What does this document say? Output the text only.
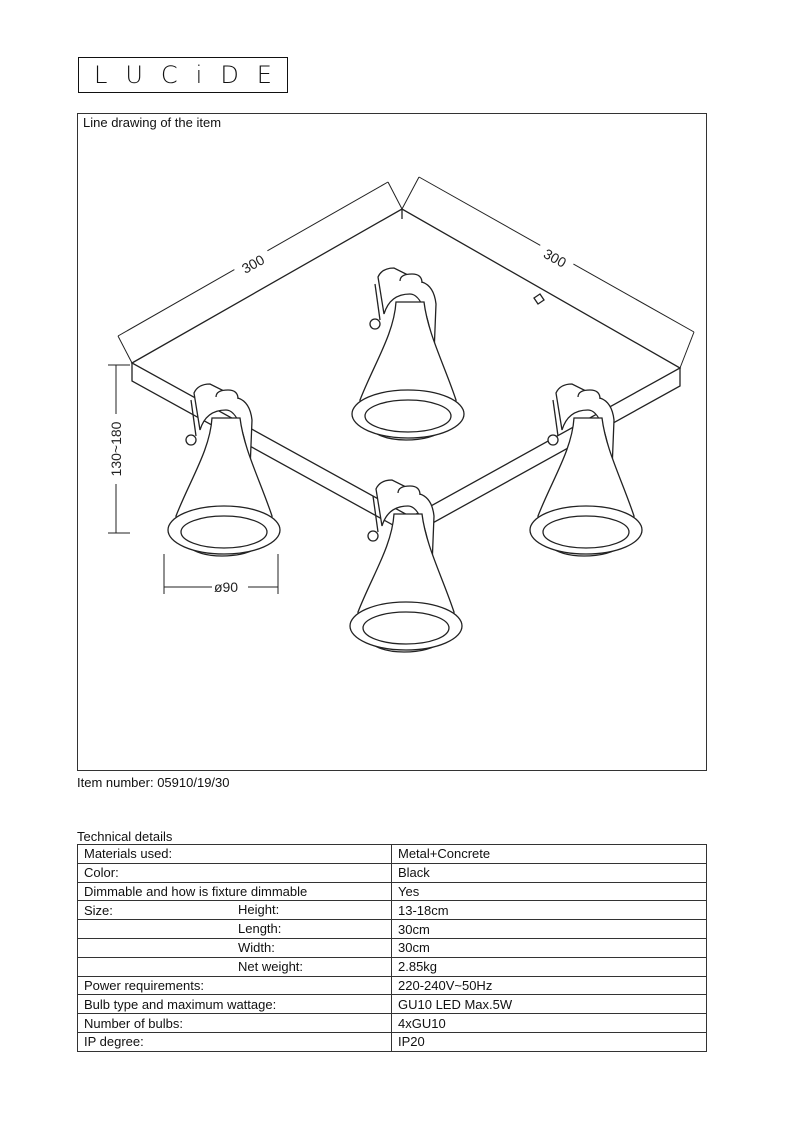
L U C i D E
Line drawing of the item
300	300
130~180
ø90
Item number: 05910/19/30
Technical details
Materials used:	Metal+Concrete
Color:	Black
Dimmable and how is fixture dimmable	Yes
Size: Height:	13-18cm

Length:	30cm

Width:	30cm

Net weight:	2.85kg
Power requirements:	220-240V~50Hz
Bulb type and maximum wattage:	GU10 LED Max.5W
Number of bulbs:	4xGU10
IP degree:	IP20
